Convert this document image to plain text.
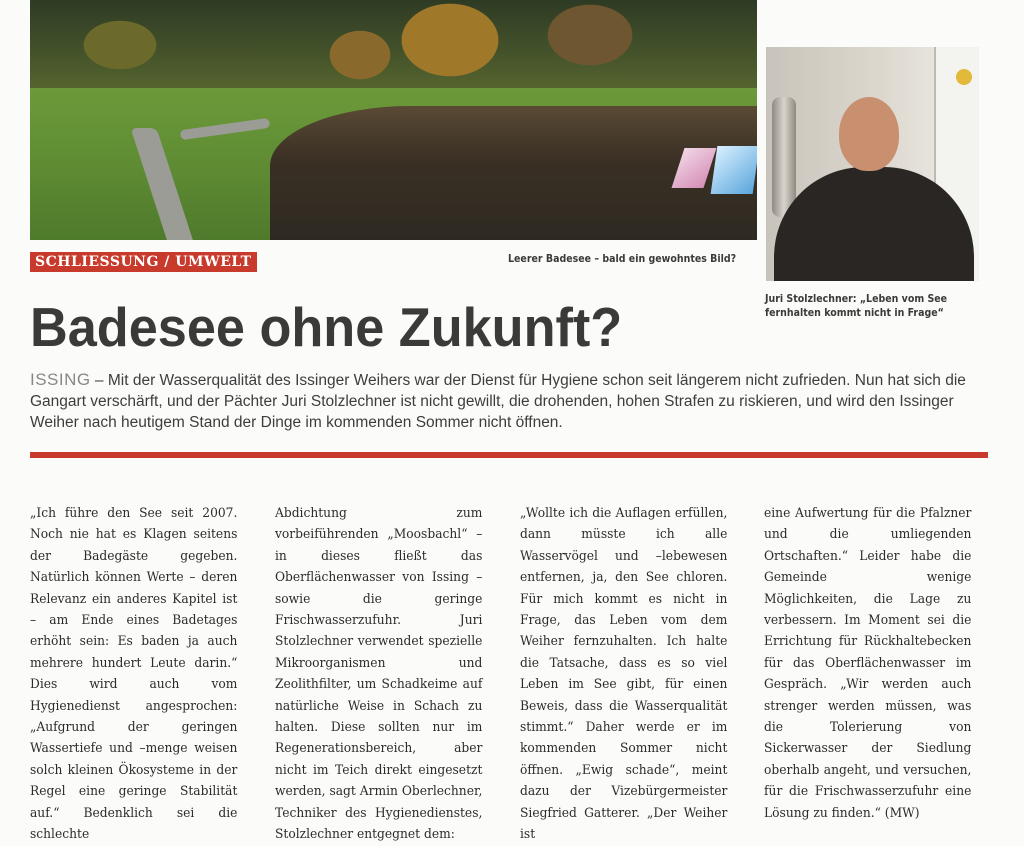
SCHLIESSUNG / UMWELT	Leerer Badesee – bald ein gewohntes Bild?
Juri Stolzlechner: „Leben vom See fernhalten kommt nicht in Frage“
Badesee ohne Zukunft?

ISSING – Mit der Wasserqualität des Issinger Weihers war der Dienst für Hygiene schon seit längerem nicht zufrieden. Nun hat sich die Gangart verschärft, und der Pächter Juri Stolzlechner ist nicht gewillt, die drohenden, hohen Strafen zu riskieren, und wird den Issinger Weiher nach heutigem Stand der Dinge im kommenden Sommer nicht öffnen.

„Ich führe den See seit 2007. Noch nie hat es Klagen seitens der Badegäste gegeben. Natürlich können Werte – deren Relevanz ein anderes Kapitel ist – am Ende eines Badetages erhöht sein: Es baden ja auch mehrere hundert Leute darin.“ Dies wird auch vom Hygienedienst angesprochen: „Aufgrund der geringen Wassertiefe und –menge weisen solch kleinen Ökosysteme in der Regel eine geringe Stabilität auf.“ Bedenklich sei die schlechte

Abdichtung zum vorbeiführenden „Moosbachl“ – in dieses fließt das Oberflächenwasser von Issing – sowie die geringe Frischwasserzufuhr. Juri Stolzlechner verwendet spezielle Mikroorganismen und Zeolithfilter, um Schadkeime auf natürliche Weise in Schach zu halten. Diese sollten nur im Regenerationsbereich, aber nicht im Teich direkt eingesetzt werden, sagt Armin Oberlechner, Techniker des Hygienedienstes, Stolzlechner entgegnet dem:

„Wollte ich die Auflagen erfüllen, dann müsste ich alle Wasservögel und –lebewesen entfernen, ja, den See chloren. Für mich kommt es nicht in Frage, das Leben vom dem Weiher fernzuhalten. Ich halte die Tatsache, dass es so viel Leben im See gibt, für einen Beweis, dass die Wasserqualität stimmt.“ Daher werde er im kommenden Sommer nicht öffnen. „Ewig schade“, meint dazu der Vizebürgermeister Siegfried Gatterer. „Der Weiher ist

eine Aufwertung für die Pfalzner und die umliegenden Ortschaften.“ Leider habe die Gemeinde wenige Möglichkeiten, die Lage zu verbessern. Im Moment sei die Errichtung für Rückhaltebecken für das Oberflächenwasser im Gespräch. „Wir werden auch strenger werden müssen, was die Tolerierung von Sickerwasser der Siedlung oberhalb angeht, und versuchen, für die Frischwasserzufuhr eine Lösung zu finden.“ (MW)
